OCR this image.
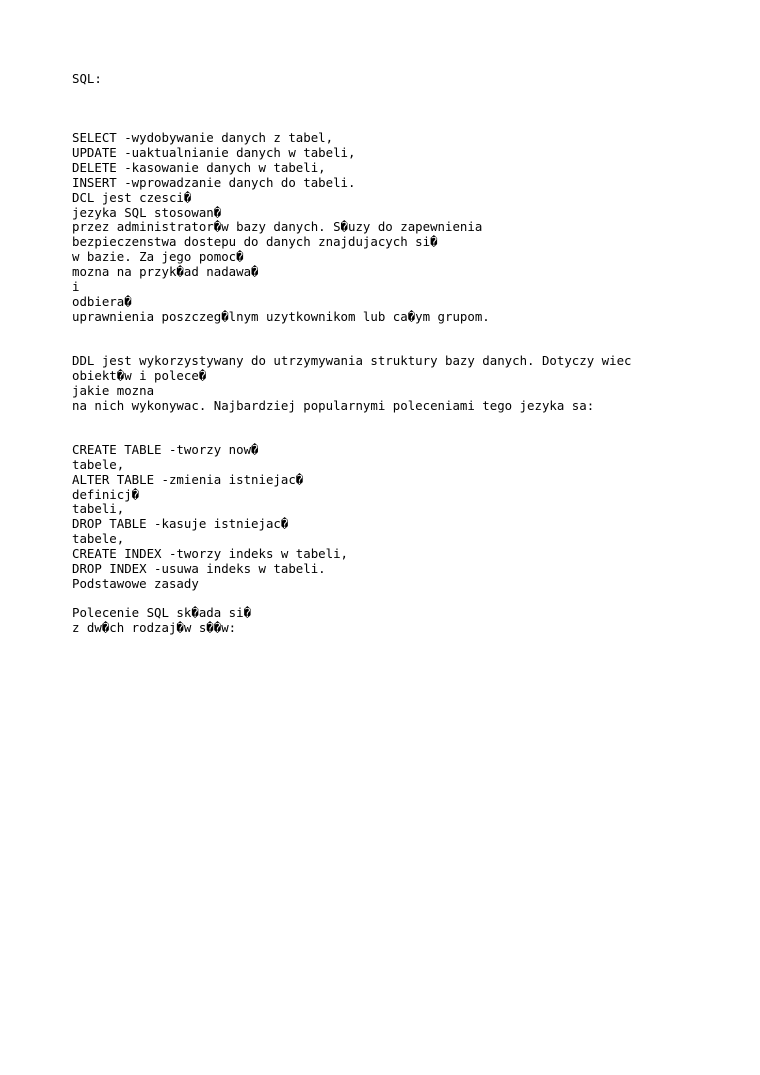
SQL:
SELECT -wydobywanie danych z tabel,
UPDATE -uaktualnianie danych w tabeli,
DELETE -kasowanie danych w tabeli,
INSERT -wprowadzanie danych do tabeli.
DCL jest czesci�
jezyka SQL stosowan�
przez administrator�w bazy danych. S�uzy do zapewnienia
bezpieczenstwa dostepu do danych znajdujacych si�
w bazie. Za jego pomoc�
mozna na przyk�ad nadawa�
i
odbiera�
uprawnienia poszczeg�lnym uzytkownikom lub ca�ym grupom.
DDL jest wykorzystywany do utrzymywania struktury bazy danych. Dotyczy wiec
obiekt�w i polece�
jakie mozna
na nich wykonywac. Najbardziej popularnymi poleceniami tego jezyka sa:
CREATE TABLE -tworzy now�
tabele,
ALTER TABLE -zmienia istniejac�
definicj�
tabeli,
DROP TABLE -kasuje istniejac�
tabele,
CREATE INDEX -tworzy indeks w tabeli,
DROP INDEX -usuwa indeks w tabeli.
Podstawowe zasady
Polecenie SQL sk�ada si�
z dw�ch rodzaj�w s��w:
